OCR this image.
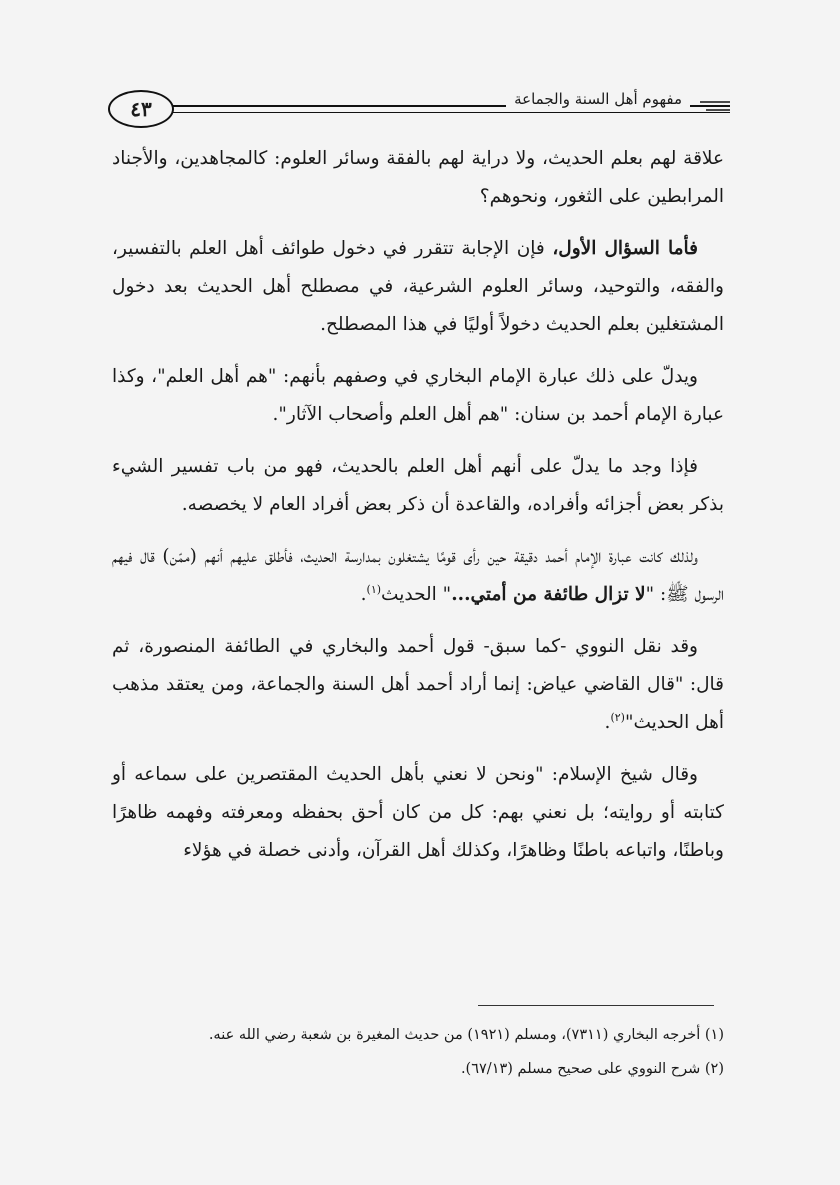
٤٣	مفهوم أهل السنة والجماعة

علاقة لهم بعلم الحديث، ولا دراية لهم بالفقة وسائر العلوم: كالمجاهدين، والأجناد المرابطين على الثغور، ونحوهم؟

فأما السؤال الأول، فإن الإجابة تتقرر في دخول طوائف أهل العلم بالتفسير، والفقه، والتوحيد، وسائر العلوم الشرعية، في مصطلح أهل الحديث بعد دخول المشتغلين بعلم الحديث دخولاً أوليًا في هذا المصطلح.

ويدلّ على ذلك عبارة الإمام البخاري في وصفهم بأنهم: "هم أهل العلم"، وكذا عبارة الإمام أحمد بن سنان: "هم أهل العلم وأصحاب الآثار".

فإذا وجد ما يدلّ على أنهم أهل العلم بالحديث، فهو من باب تفسير الشيء بذكر بعض أجزائه وأفراده، والقاعدة أن ذكر بعض أفراد العام لا يخصصه.

ولذلك كانت عبارة الإمام أحمد دقيقة حين رأى قومًا يشتغلون بمدارسة الحديث، فأطلق عليهم أنهم (ممّن) قال فيهم الرسول ﷺ: "لا تزال طائفة من أمتي..." الحديث$^{(١)}$.

وقد نقل النووي -كما سبق- قول أحمد والبخاري في الطائفة المنصورة، ثم قال: "قال القاضي عياض: إنما أراد أحمد أهل السنة والجماعة، ومن يعتقد مذهب أهل الحديث"$^{(٢)}$.

وقال شيخ الإسلام: "ونحن لا نعني بأهل الحديث المقتصرين على سماعه أو كتابته أو روايته؛ بل نعني بهم: كل من كان أحق بحفظه ومعرفته وفهمه ظاهرًا وباطنًا، واتباعه باطنًا وظاهرًا، وكذلك أهل القرآن، وأدنى خصلة في هؤلاء

(١) أخرجه البخاري (٧٣١١)، ومسلم (١٩٢١) من حديث المغيرة بن شعبة رضي الله عنه.

(٢) شرح النووي على صحيح مسلم (٦٧/١٣).
